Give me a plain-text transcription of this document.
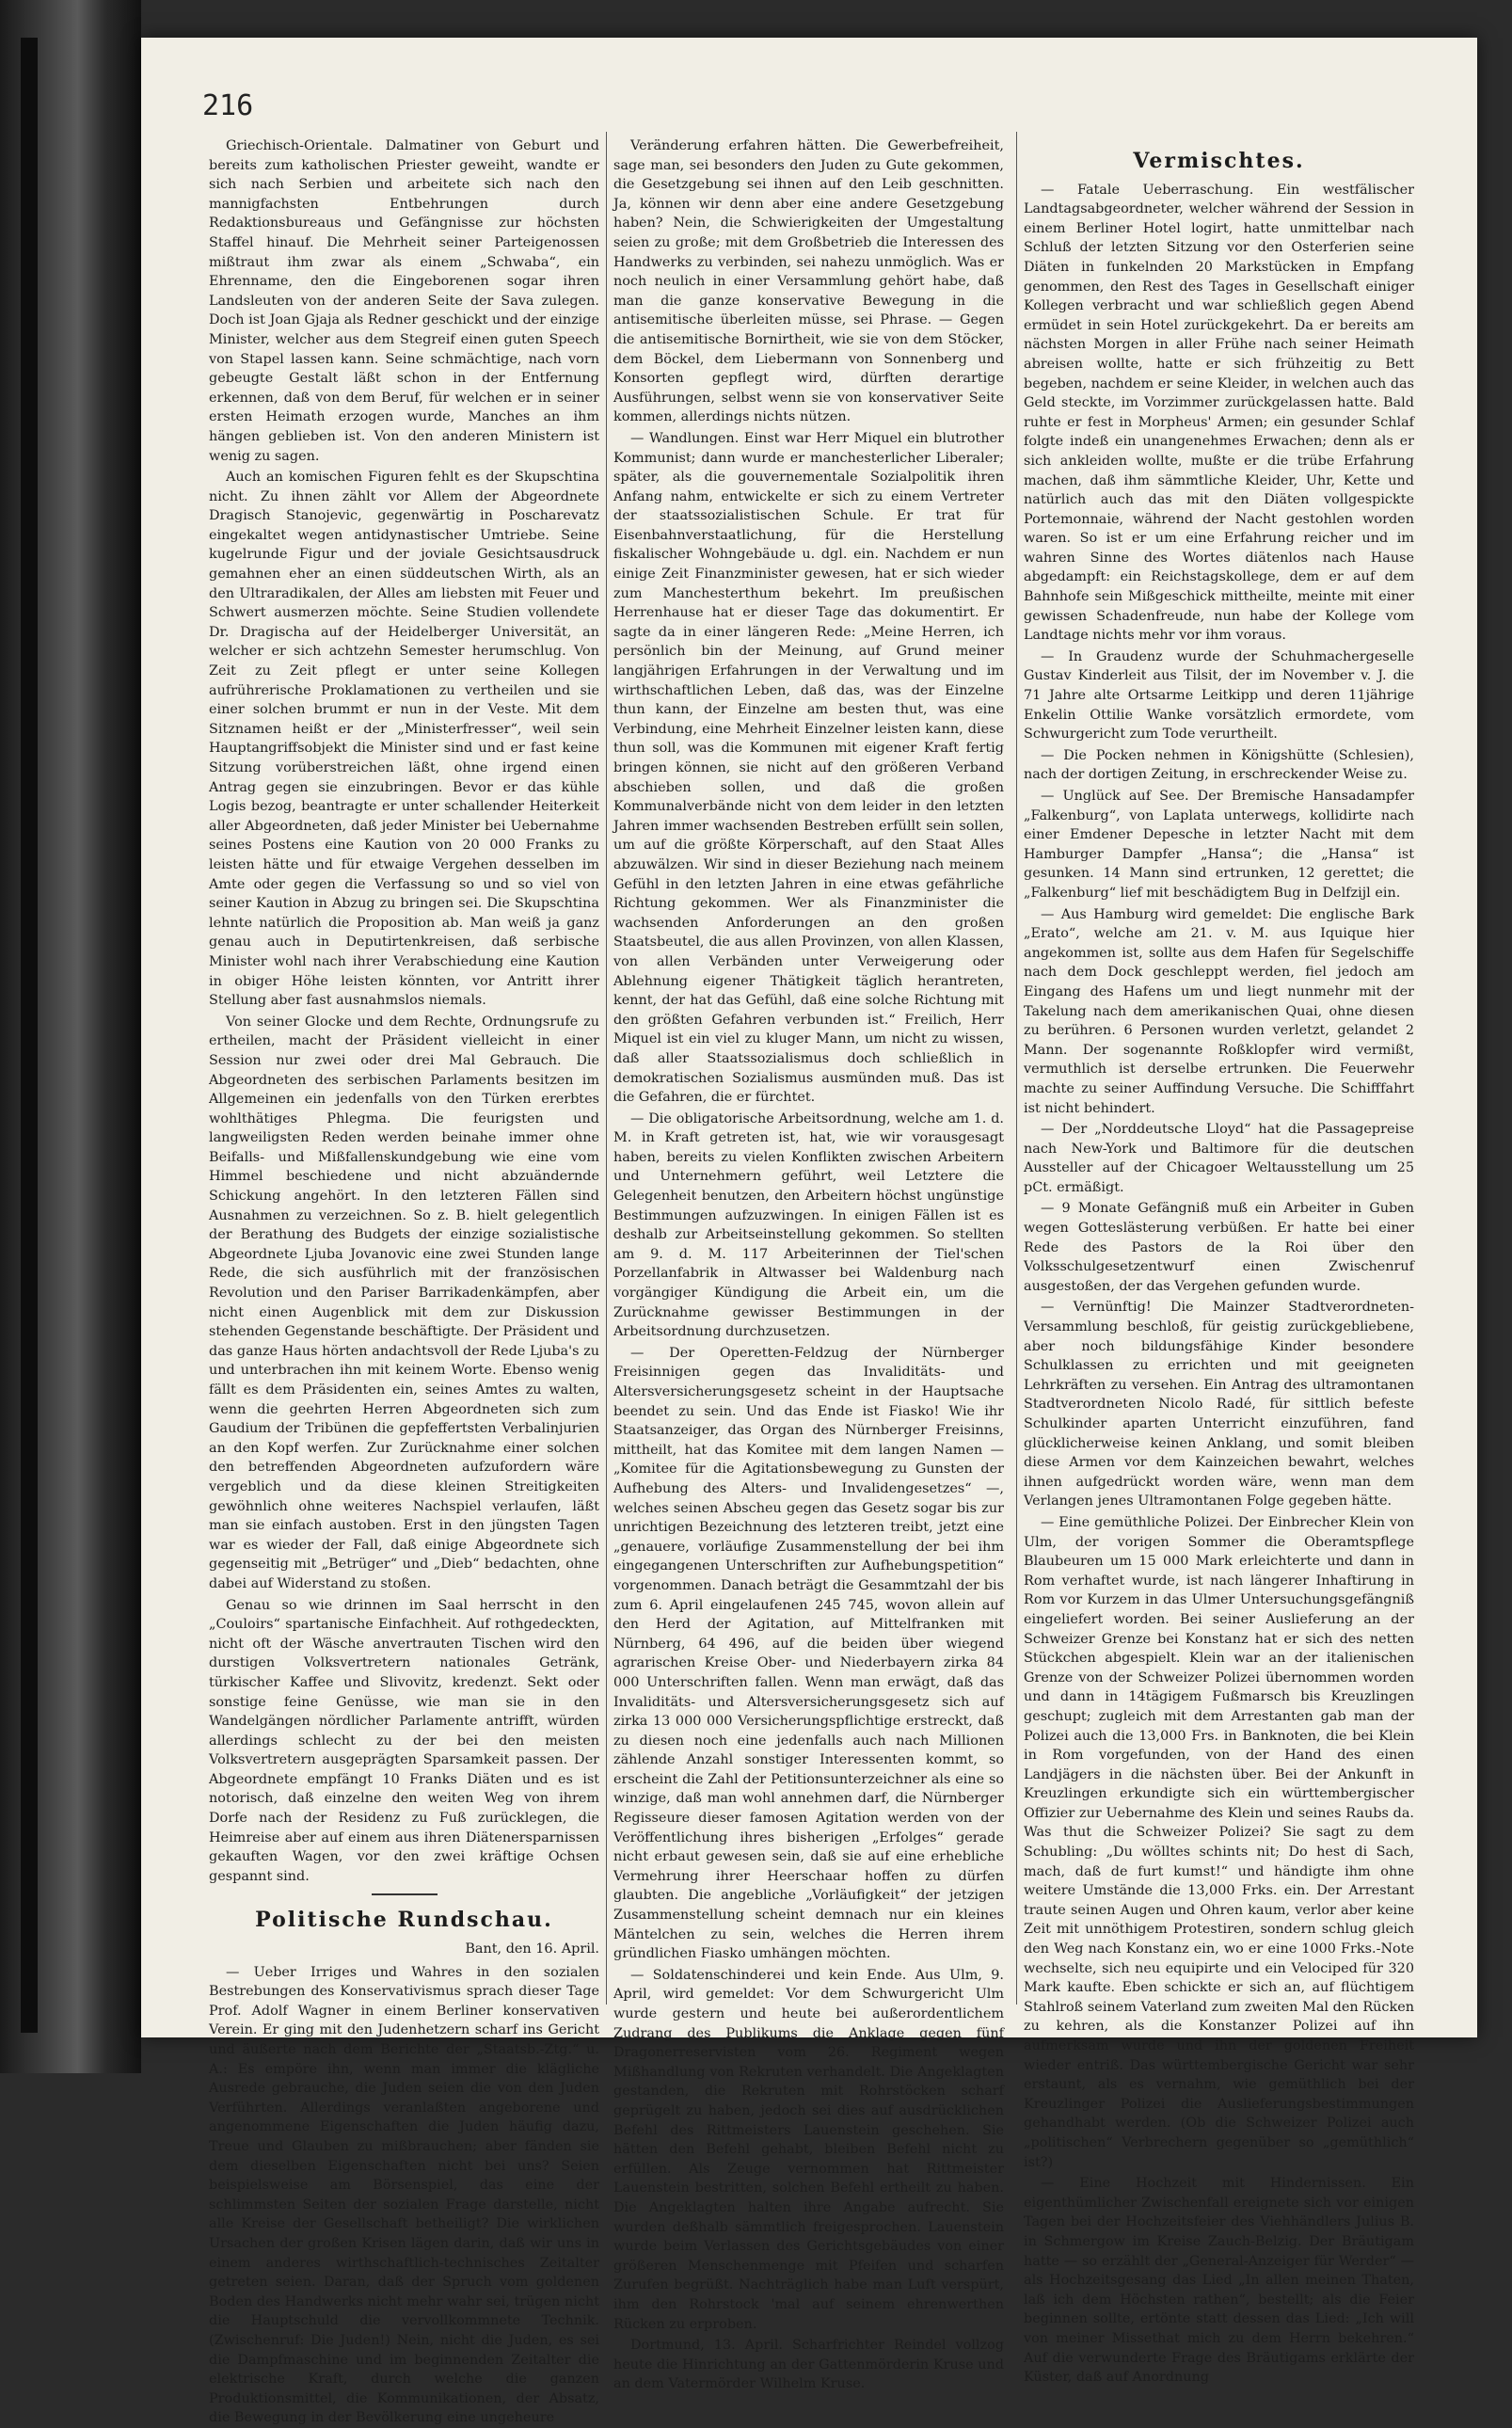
216

Griechisch-Orientale. Dalmatiner von Geburt und bereits zum katholischen Priester geweiht, wandte er sich nach Serbien und arbeitete sich nach den mannigfachsten Entbehrungen durch Redaktionsbureaus und Gefängnisse zur höchsten Staffel hinauf. Die Mehrheit seiner Parteigenossen mißtraut ihm zwar als einem „Schwaba“, ein Ehrenname, den die Eingeborenen sogar ihren Landsleuten von der anderen Seite der Sava zulegen. Doch ist Joan Gjaja als Redner geschickt und der einzige Minister, welcher aus dem Stegreif einen guten Speech von Stapel lassen kann. Seine schmächtige, nach vorn gebeugte Gestalt läßt schon in der Entfernung erkennen, daß von dem Beruf, für welchen er in seiner ersten Heimath erzogen wurde, Manches an ihm hängen geblieben ist. Von den anderen Ministern ist wenig zu sagen.

Auch an komischen Figuren fehlt es der Skupschtina nicht. Zu ihnen zählt vor Allem der Abgeordnete Dragisch Stanojevic, gegenwärtig in Poscharevatz eingekaltet wegen antidynastischer Umtriebe. Seine kugelrunde Figur und der joviale Gesichtsausdruck gemahnen eher an einen süddeutschen Wirth, als an den Ultraradikalen, der Alles am liebsten mit Feuer und Schwert ausmerzen möchte. Seine Studien vollendete Dr. Dragischa auf der Heidelberger Universität, an welcher er sich achtzehn Semester herumschlug. Von Zeit zu Zeit pflegt er unter seine Kollegen aufrührerische Proklamationen zu vertheilen und sie einer solchen brummt er nun in der Veste. Mit dem Sitznamen heißt er der „Ministerfresser“, weil sein Hauptangriffsobjekt die Minister sind und er fast keine Sitzung vorüberstreichen läßt, ohne irgend einen Antrag gegen sie einzubringen. Bevor er das kühle Logis bezog, beantragte er unter schallender Heiterkeit aller Abgeordneten, daß jeder Minister bei Uebernahme seines Postens eine Kaution von 20 000 Franks zu leisten hätte und für etwaige Vergehen desselben im Amte oder gegen die Verfassung so und so viel von seiner Kaution in Abzug zu bringen sei. Die Skupschtina lehnte natürlich die Proposition ab. Man weiß ja ganz genau auch in Deputirtenkreisen, daß serbische Minister wohl nach ihrer Verabschiedung eine Kaution in obiger Höhe leisten könnten, vor Antritt ihrer Stellung aber fast ausnahmslos niemals.

Von seiner Glocke und dem Rechte, Ordnungsrufe zu ertheilen, macht der Präsident vielleicht in einer Session nur zwei oder drei Mal Gebrauch. Die Abgeordneten des serbischen Parlaments besitzen im Allgemeinen ein jedenfalls von den Türken ererbtes wohlthätiges Phlegma. Die feurigsten und langweiligsten Reden werden beinahe immer ohne Beifalls- und Mißfallenskundgebung wie eine vom Himmel beschiedene und nicht abzuändernde Schickung angehört. In den letzteren Fällen sind Ausnahmen zu verzeichnen. So z. B. hielt gelegentlich der Berathung des Budgets der einzige sozialistische Abgeordnete Ljuba Jovanovic eine zwei Stunden lange Rede, die sich ausführlich mit der französischen Revolution und den Pariser Barrikadenkämpfen, aber nicht einen Augenblick mit dem zur Diskussion stehenden Gegenstande beschäftigte. Der Präsident und das ganze Haus hörten andachtsvoll der Rede Ljuba's zu und unterbrachen ihn mit keinem Worte. Ebenso wenig fällt es dem Präsidenten ein, seines Amtes zu walten, wenn die geehrten Herren Abgeordneten sich zum Gaudium der Tribünen die gepfeffertsten Verbalinjurien an den Kopf werfen. Zur Zurücknahme einer solchen den betreffenden Abgeordneten aufzufordern wäre vergeblich und da diese kleinen Streitigkeiten gewöhnlich ohne weiteres Nachspiel verlaufen, läßt man sie einfach austoben. Erst in den jüngsten Tagen war es wieder der Fall, daß einige Abgeordnete sich gegenseitig mit „Betrüger“ und „Dieb“ bedachten, ohne dabei auf Widerstand zu stoßen.

Genau so wie drinnen im Saal herrscht in den „Couloirs“ spartanische Einfachheit. Auf rothgedeckten, nicht oft der Wäsche anvertrauten Tischen wird den durstigen Volksvertretern nationales Getränk, türkischer Kaffee und Slivovitz, kredenzt. Sekt oder sonstige feine Genüsse, wie man sie in den Wandelgängen nördlicher Parlamente antrifft, würden allerdings schlecht zu der bei den meisten Volksvertretern ausgeprägten Sparsamkeit passen. Der Abgeordnete empfängt 10 Franks Diäten und es ist notorisch, daß einzelne den weiten Weg von ihrem Dorfe nach der Residenz zu Fuß zurücklegen, die Heimreise aber auf einem aus ihren Diätenersparnissen gekauften Wagen, vor den zwei kräftige Ochsen gespannt sind.

Politische Rundschau.
Bant, den 16. April.

— Ueber Irriges und Wahres in den sozialen Bestrebungen des Konservativismus sprach dieser Tage Prof. Adolf Wagner in einem Berliner konservativen Verein. Er ging mit den Judenhetzern scharf ins Gericht und äußerte nach dem Berichte der „Staatsb.-Ztg.“ u. A.: Es empöre ihn, wenn man immer die klägliche Ausrede gebrauche, die Juden seien die von den Juden Verführten. Allerdings veranlaßten angeborene und angenommene Eigenschaften die Juden häufig dazu, Treue und Glauben zu mißbrauchen; aber fänden sie dem dieselben Eigenschaften nicht bei uns? Seien beispielsweise am Börsenspiel, das eine der schlimmsten Seiten der sozialen Frage darstelle, nicht alle Kreise der Gesellschaft betheiligt? Die wirklichen Ursachen der großen Krisen lägen darin, daß wir uns in einem anderes wirthschaftlich-technisches Zeitalter getreten seien. Daran, daß der Spruch vom goldenen Boden des Handwerks nicht mehr wahr sei, trügen nicht die Hauptschuld die vervollkommnete Technik. (Zwischenruf: Die Juden!) Nein, nicht die Juden, es sei die Dampfmaschine und im beginnenden Zeitalter die elektrische Kraft, durch welche die ganzen Produktionsmittel, die Kommunikationen, der Absatz, die Bewegung in der Bevölkerung eine ungeheure

Veränderung erfahren hätten. Die Gewerbefreiheit, sage man, sei besonders den Juden zu Gute gekommen, die Gesetzgebung sei ihnen auf den Leib geschnitten. Ja, können wir denn aber eine andere Gesetzgebung haben? Nein, die Schwierigkeiten der Umgestaltung seien zu große; mit dem Großbetrieb die Interessen des Handwerks zu verbinden, sei nahezu unmöglich. Was er noch neulich in einer Versammlung gehört habe, daß man die ganze konservative Bewegung in die antisemitische überleiten müsse, sei Phrase. — Gegen die antisemitische Bornirtheit, wie sie von dem Stöcker, dem Böckel, dem Liebermann von Sonnenberg und Konsorten gepflegt wird, dürften derartige Ausführungen, selbst wenn sie von konservativer Seite kommen, allerdings nichts nützen.

— Wandlungen. Einst war Herr Miquel ein blutrother Kommunist; dann wurde er manchesterlicher Liberaler; später, als die gouvernementale Sozialpolitik ihren Anfang nahm, entwickelte er sich zu einem Vertreter der staatssozialistischen Schule. Er trat für Eisenbahnverstaatlichung, für die Herstellung fiskalischer Wohngebäude u. dgl. ein. Nachdem er nun einige Zeit Finanzminister gewesen, hat er sich wieder zum Manchesterthum bekehrt. Im preußischen Herrenhause hat er dieser Tage das dokumentirt. Er sagte da in einer längeren Rede: „Meine Herren, ich persönlich bin der Meinung, auf Grund meiner langjährigen Erfahrungen in der Verwaltung und im wirthschaftlichen Leben, daß das, was der Einzelne thun kann, der Einzelne am besten thut, was eine Verbindung, eine Mehrheit Einzelner leisten kann, diese thun soll, was die Kommunen mit eigener Kraft fertig bringen können, sie nicht auf den größeren Verband abschieben sollen, und daß die großen Kommunalverbände nicht von dem leider in den letzten Jahren immer wachsenden Bestreben erfüllt sein sollen, um auf die größte Körperschaft, auf den Staat Alles abzuwälzen. Wir sind in dieser Beziehung nach meinem Gefühl in den letzten Jahren in eine etwas gefährliche Richtung gekommen. Wer als Finanzminister die wachsenden Anforderungen an den großen Staatsbeutel, die aus allen Provinzen, von allen Klassen, von allen Verbänden unter Verweigerung oder Ablehnung eigener Thätigkeit täglich herantreten, kennt, der hat das Gefühl, daß eine solche Richtung mit den größten Gefahren verbunden ist.“ Freilich, Herr Miquel ist ein viel zu kluger Mann, um nicht zu wissen, daß aller Staatssozialismus doch schließlich in demokratischen Sozialismus ausmünden muß. Das ist die Gefahren, die er fürchtet.

— Die obligatorische Arbeitsordnung, welche am 1. d. M. in Kraft getreten ist, hat, wie wir vorausgesagt haben, bereits zu vielen Konflikten zwischen Arbeitern und Unternehmern geführt, weil Letztere die Gelegenheit benutzen, den Arbeitern höchst ungünstige Bestimmungen aufzuzwingen. In einigen Fällen ist es deshalb zur Arbeitseinstellung gekommen. So stellten am 9. d. M. 117 Arbeiterinnen der Tiel'schen Porzellanfabrik in Altwasser bei Waldenburg nach vorgängiger Kündigung die Arbeit ein, um die Zurücknahme gewisser Bestimmungen in der Arbeitsordnung durchzusetzen.

— Der Operetten-Feldzug der Nürnberger Freisinnigen gegen das Invaliditäts- und Altersversicherungsgesetz scheint in der Hauptsache beendet zu sein. Und das Ende ist Fiasko! Wie ihr Staatsanzeiger, das Organ des Nürnberger Freisinns, mittheilt, hat das Komitee mit dem langen Namen — „Komitee für die Agitationsbewegung zu Gunsten der Aufhebung des Alters- und Invalidengesetzes“ —, welches seinen Abscheu gegen das Gesetz sogar bis zur unrichtigen Bezeichnung des letzteren treibt, jetzt eine „genauere, vorläufige Zusammenstellung der bei ihm eingegangenen Unterschriften zur Aufhebungspetition“ vorgenommen. Danach beträgt die Gesammtzahl der bis zum 6. April eingelaufenen 245 745, wovon allein auf den Herd der Agitation, auf Mittelfranken mit Nürnberg, 64 496, auf die beiden über wiegend agrarischen Kreise Ober- und Niederbayern zirka 84 000 Unterschriften fallen. Wenn man erwägt, daß das Invaliditäts- und Altersversicherungsgesetz sich auf zirka 13 000 000 Versicherungspflichtige erstreckt, daß zu diesen noch eine jedenfalls auch nach Millionen zählende Anzahl sonstiger Interessenten kommt, so erscheint die Zahl der Petitionsunterzeichner als eine so winzige, daß man wohl annehmen darf, die Nürnberger Regisseure dieser famosen Agitation werden von der Veröffentlichung ihres bisherigen „Erfolges“ gerade nicht erbaut gewesen sein, daß sie auf eine erhebliche Vermehrung ihrer Heerschaar hoffen zu dürfen glaubten. Die angebliche „Vorläufigkeit“ der jetzigen Zusammenstellung scheint demnach nur ein kleines Mäntelchen zu sein, welches die Herren ihrem gründlichen Fiasko umhängen möchten.

— Soldatenschinderei und kein Ende. Aus Ulm, 9. April, wird gemeldet: Vor dem Schwurgericht Ulm wurde gestern und heute bei außerordentlichem Zudrang des Publikums die Anklage gegen fünf Dragonerreservisten vom 26. Regiment wegen Mißhandlung von Rekruten verhandelt. Die Angeklagten gestanden, die Rekruten mit Rohrstöcken scharf geprügelt zu haben, jedoch sei dies auf ausdrücklichen Befehl des Rittmeisters Lauenstein geschehen. Sie hätten den Befehl gehabt, bleiben Befehl nicht zu erfüllen. Als Zeuge vernommen hat Rittmeister Lauenstein bestritten, solchen Befehl ertheilt zu haben. Die Angeklagten halten ihre Angabe aufrecht. Sie wurden deßhalb sämmtlich freigesprochen. Lauenstein wurde beim Verlassen des Gerichtsgebäudes von einer größeren Menschenmenge mit Pfeifen und scharfen Zurufen begrüßt. Nachträglich habe man Luft verspürt, ihm den Rohrstock 'mal auf seinem ehrenwerthen Rücken zu erproben.

Dortmund, 13. April. Scharfrichter Reindel vollzog heute die Hinrichtung an der Gattenmörderin Kruse und an dem Vatermörder Wilhelm Kruse.

Vermischtes.

— Fatale Ueberraschung. Ein westfälischer Landtagsabgeordneter, welcher während der Session in einem Berliner Hotel logirt, hatte unmittelbar nach Schluß der letzten Sitzung vor den Osterferien seine Diäten in funkelnden 20 Markstücken in Empfang genommen, den Rest des Tages in Gesellschaft einiger Kollegen verbracht und war schließlich gegen Abend ermüdet in sein Hotel zurückgekehrt. Da er bereits am nächsten Morgen in aller Frühe nach seiner Heimath abreisen wollte, hatte er sich frühzeitig zu Bett begeben, nachdem er seine Kleider, in welchen auch das Geld steckte, im Vorzimmer zurückgelassen hatte. Bald ruhte er fest in Morpheus' Armen; ein gesunder Schlaf folgte indeß ein unangenehmes Erwachen; denn als er sich ankleiden wollte, mußte er die trübe Erfahrung machen, daß ihm sämmtliche Kleider, Uhr, Kette und natürlich auch das mit den Diäten vollgespickte Portemonnaie, während der Nacht gestohlen worden waren. So ist er um eine Erfahrung reicher und im wahren Sinne des Wortes diätenlos nach Hause abgedampft: ein Reichstagskollege, dem er auf dem Bahnhofe sein Mißgeschick mittheilte, meinte mit einer gewissen Schadenfreude, nun habe der Kollege vom Landtage nichts mehr vor ihm voraus.

— In Graudenz wurde der Schuhmachergeselle Gustav Kinderleit aus Tilsit, der im November v. J. die 71 Jahre alte Ortsarme Leitkipp und deren 11jährige Enkelin Ottilie Wanke vorsätzlich ermordete, vom Schwurgericht zum Tode verurtheilt.

— Die Pocken nehmen in Königshütte (Schlesien), nach der dortigen Zeitung, in erschreckender Weise zu.

— Unglück auf See. Der Bremische Hansadampfer „Falkenburg“, von Laplata unterwegs, kollidirte nach einer Emdener Depesche in letzter Nacht mit dem Hamburger Dampfer „Hansa“; die „Hansa“ ist gesunken. 14 Mann sind ertrunken, 12 gerettet; die „Falkenburg“ lief mit beschädigtem Bug in Delfzijl ein.

— Aus Hamburg wird gemeldet: Die englische Bark „Erato“, welche am 21. v. M. aus Iquique hier angekommen ist, sollte aus dem Hafen für Segelschiffe nach dem Dock geschleppt werden, fiel jedoch am Eingang des Hafens um und liegt nunmehr mit der Takelung nach dem amerikanischen Quai, ohne diesen zu berühren. 6 Personen wurden verletzt, gelandet 2 Mann. Der sogenannte Roßklopfer wird vermißt, vermuthlich ist derselbe ertrunken. Die Feuerwehr machte zu seiner Auffindung Versuche. Die Schifffahrt ist nicht behindert.

— Der „Norddeutsche Lloyd“ hat die Passagepreise nach New-York und Baltimore für die deutschen Aussteller auf der Chicagoer Weltausstellung um 25 pCt. ermäßigt.

— 9 Monate Gefängniß muß ein Arbeiter in Guben wegen Gotteslästerung verbüßen. Er hatte bei einer Rede des Pastors de la Roi über den Volksschulgesetzentwurf einen Zwischenruf ausgestoßen, der das Vergehen gefunden wurde.

— Vernünftig! Die Mainzer Stadtverordneten-Versammlung beschloß, für geistig zurückgebliebene, aber noch bildungsfähige Kinder besondere Schulklassen zu errichten und mit geeigneten Lehrkräften zu versehen. Ein Antrag des ultramontanen Stadtverordneten Nicolo Radé, für sittlich befeste Schulkinder aparten Unterricht einzuführen, fand glücklicherweise keinen Anklang, und somit bleiben diese Armen vor dem Kainzeichen bewahrt, welches ihnen aufgedrückt worden wäre, wenn man dem Verlangen jenes Ultramontanen Folge gegeben hätte.

— Eine gemüthliche Polizei. Der Einbrecher Klein von Ulm, der vorigen Sommer die Oberamtspflege Blaubeuren um 15 000 Mark erleichterte und dann in Rom verhaftet wurde, ist nach längerer Inhaftirung in Rom vor Kurzem in das Ulmer Untersuchungsgefängniß eingeliefert worden. Bei seiner Auslieferung an der Schweizer Grenze bei Konstanz hat er sich des netten Stückchen abgespielt. Klein war an der italienischen Grenze von der Schweizer Polizei übernommen worden und dann in 14tägigem Fußmarsch bis Kreuzlingen geschupt; zugleich mit dem Arrestanten gab man der Polizei auch die 13,000 Frs. in Banknoten, die bei Klein in Rom vorgefunden, von der Hand des einen Landjägers in die nächsten über. Bei der Ankunft in Kreuzlingen erkundigte sich ein württembergischer Offizier zur Uebernahme des Klein und seines Raubs da. Was thut die Schweizer Polizei? Sie sagt zu dem Schubling: „Du wölltes schints nit; Do hest di Sach, mach, daß de furt kumst!“ und händigte ihm ohne weitere Umstände die 13,000 Frks. ein. Der Arrestant traute seinen Augen und Ohren kaum, verlor aber keine Zeit mit unnöthigem Protestiren, sondern schlug gleich den Weg nach Konstanz ein, wo er eine 1000 Frks.-Note wechselte, sich neu equipirte und ein Velociped für 320 Mark kaufte. Eben schickte er sich an, auf flüchtigem Stahlroß seinem Vaterland zum zweiten Mal den Rücken zu kehren, als die Konstanzer Polizei auf ihn aufmerksam wurde und ihn der goldenen Freiheit wieder entriß. Das württembergische Gericht war sehr erstaunt, als es vernahm, wie gemüthlich bei der Kreuzlinger Polizei die Auslieferungsbestimmungen gehandhabt werden. (Ob die Schweizer Polizei auch „politischen“ Verbrechern gegenüber so „gemüthlich“ ist?)

— Eine Hochzeit mit Hindernissen. Ein eigenthümlicher Zwischenfall ereignete sich vor einigen Tagen bei der Hochzeitsfeier des Viehhändlers Julius B. in Schmergow im Kreise Zauch-Belzig. Der Bräutigam hatte — so erzählt der „General-Anzeiger für Werder“ — als Hochzeitsgesang das Lied „In allen meinen Thaten, laß ich dem Höchsten rathen“, bestellt; als die Feier beginnen sollte, ertönte statt dessen das Lied: „Ich will von meiner Missethat mich zu dem Herrn bekehren.“ Auf die verwunderte Frage des Bräutigams erklärte der Küster, daß auf Anordnung
